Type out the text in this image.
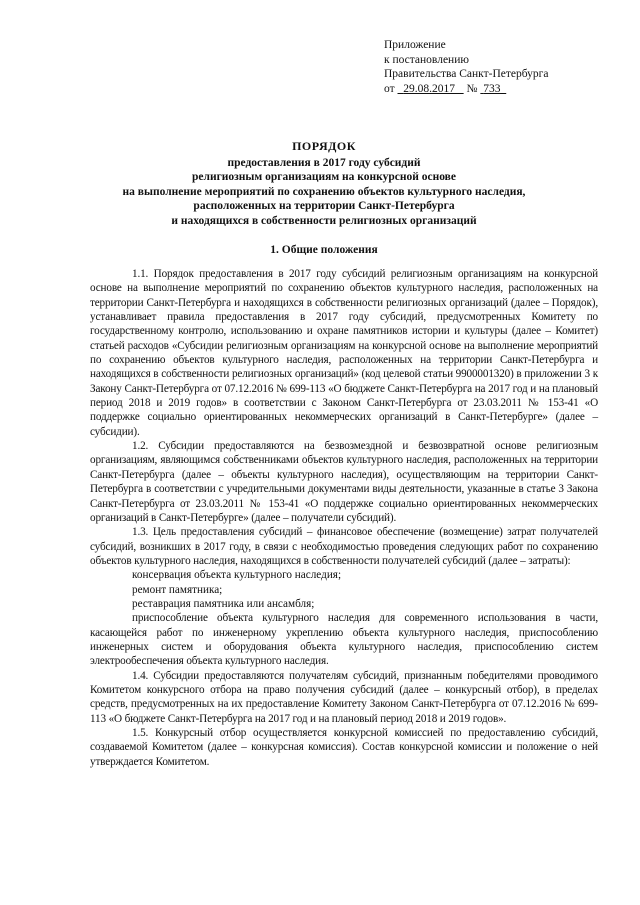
Приложение
к постановлению
Правительства Санкт-Петербурга
от 29.08.2017 № 733
ПОРЯДОК
предоставления в 2017 году субсидий
религиозным организациям на конкурсной основе
на выполнение мероприятий по сохранению объектов культурного наследия,
расположенных на территории Санкт-Петербурга
и находящихся в собственности религиозных организаций
1. Общие положения

1.1. Порядок предоставления в 2017 году субсидий религиозным организациям на конкурсной основе на выполнение мероприятий по сохранению объектов культурного наследия, расположенных на территории Санкт-Петербурга и находящихся в собственности религиозных организаций (далее – Порядок), устанавливает правила предоставления в 2017 году субсидий, предусмотренных Комитету по государственному контролю, использованию и охране памятников истории и культуры (далее – Комитет) статьей расходов «Субсидии религиозным организациям на конкурсной основе на выполнение мероприятий по сохранению объектов культурного наследия, расположенных на территории Санкт-Петербурга и находящихся в собственности религиозных организаций» (код целевой статьи 9900001320) в приложении 3 к Закону Санкт-Петербурга от 07.12.2016 № 699-113 «О бюджете Санкт-Петербурга на 2017 год и на плановый период 2018 и 2019 годов» в соответствии с Законом Санкт-Петербурга от 23.03.2011 № 153-41 «О поддержке социально ориентированных некоммерческих организаций в Санкт-Петербурге» (далее – субсидии).

1.2. Субсидии предоставляются на безвозмездной и безвозвратной основе религиозным организациям, являющимся собственниками объектов культурного наследия, расположенных на территории Санкт-Петербурга (далее – объекты культурного наследия), осуществляющим на территории Санкт-Петербурга в соответствии с учредительными документами виды деятельности, указанные в статье 3 Закона Санкт-Петербурга от 23.03.2011 № 153-41 «О поддержке социально ориентированных некоммерческих организаций в Санкт-Петербурге» (далее – получатели субсидий).

1.3. Цель предоставления субсидий – финансовое обеспечение (возмещение) затрат получателей субсидий, возникших в 2017 году, в связи с необходимостью проведения следующих работ по сохранению объектов культурного наследия, находящихся в собственности получателей субсидий (далее – затраты):

консервация объекта культурного наследия;

ремонт памятника;

реставрация памятника или ансамбля;

приспособление объекта культурного наследия для современного использования в части, касающейся работ по инженерному укреплению объекта культурного наследия, приспособлению инженерных систем и оборудования объекта культурного наследия, приспособлению систем электрообеспечения объекта культурного наследия.

1.4. Субсидии предоставляются получателям субсидий, признанным победителями проводимого Комитетом конкурсного отбора на право получения субсидий (далее – конкурсный отбор), в пределах средств, предусмотренных на их предоставление Комитету Законом Санкт-Петербурга от 07.12.2016 № 699-113 «О бюджете Санкт-Петербурга на 2017 год и на плановый период 2018 и 2019 годов».

1.5. Конкурсный отбор осуществляется конкурсной комиссией по предоставлению субсидий, создаваемой Комитетом (далее – конкурсная комиссия). Состав конкурсной комиссии и положение о ней утверждается Комитетом.
